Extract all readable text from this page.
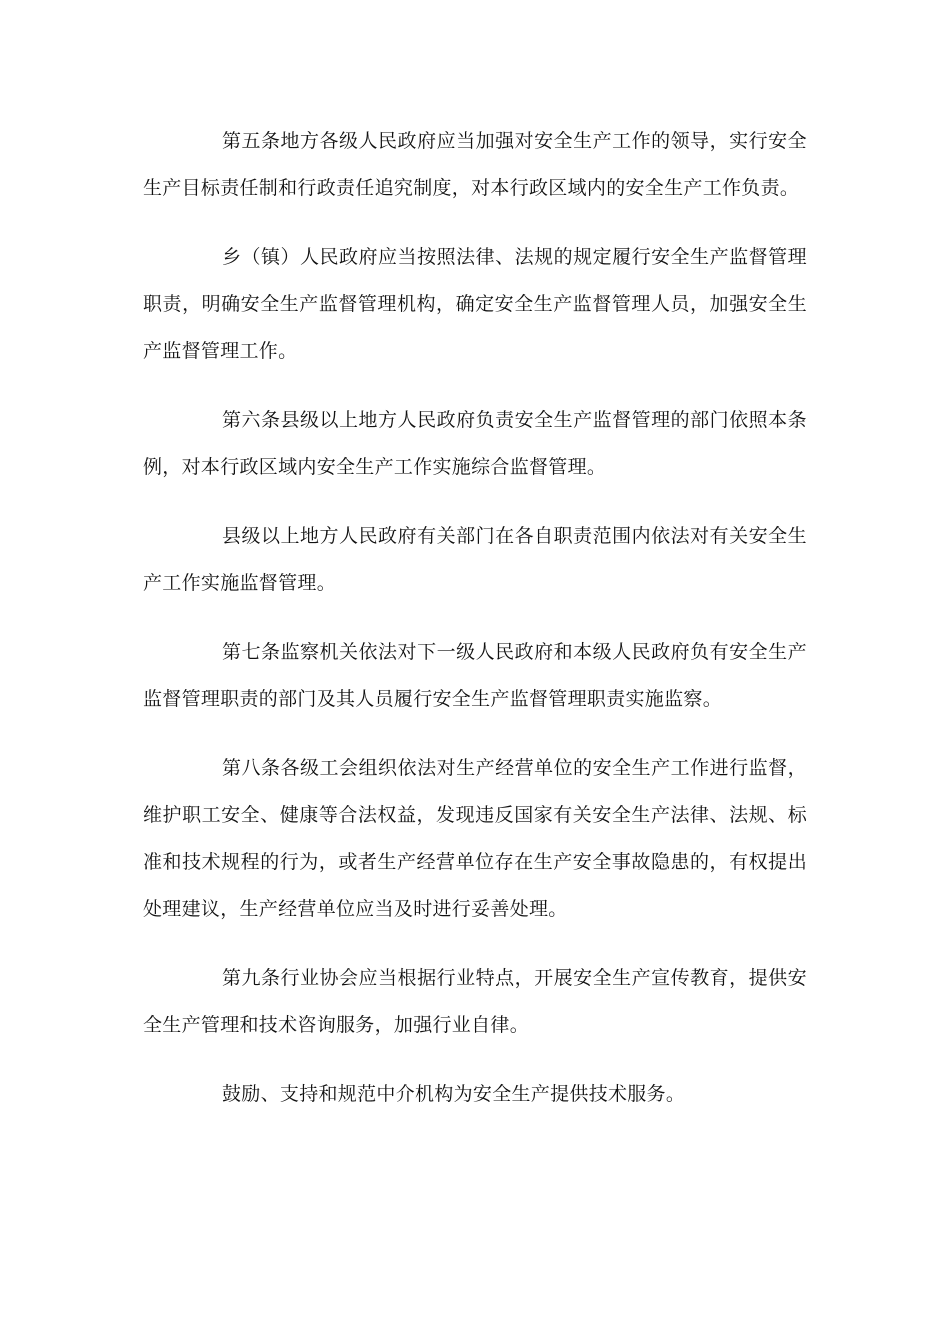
第五条地方各级人民政府应当加强对安全生产工作的领导，实行安全生产目标责任制和行政责任追究制度，对本行政区域内的安全生产工作负责。

乡（镇）人民政府应当按照法律、法规的规定履行安全生产监督管理职责，明确安全生产监督管理机构，确定安全生产监督管理人员，加强安全生产监督管理工作。

第六条县级以上地方人民政府负责安全生产监督管理的部门依照本条例，对本行政区域内安全生产工作实施综合监督管理。

县级以上地方人民政府有关部门在各自职责范围内依法对有关安全生产工作实施监督管理。

第七条监察机关依法对下一级人民政府和本级人民政府负有安全生产监督管理职责的部门及其人员履行安全生产监督管理职责实施监察。

第八条各级工会组织依法对生产经营单位的安全生产工作进行监督，维护职工安全、健康等合法权益，发现违反国家有关安全生产法律、法规、标准和技术规程的行为，或者生产经营单位存在生产安全事故隐患的，有权提出处理建议，生产经营单位应当及时进行妥善处理。

第九条行业协会应当根据行业特点，开展安全生产宣传教育，提供安全生产管理和技术咨询服务，加强行业自律。

鼓励、支持和规范中介机构为安全生产提供技术服务。
